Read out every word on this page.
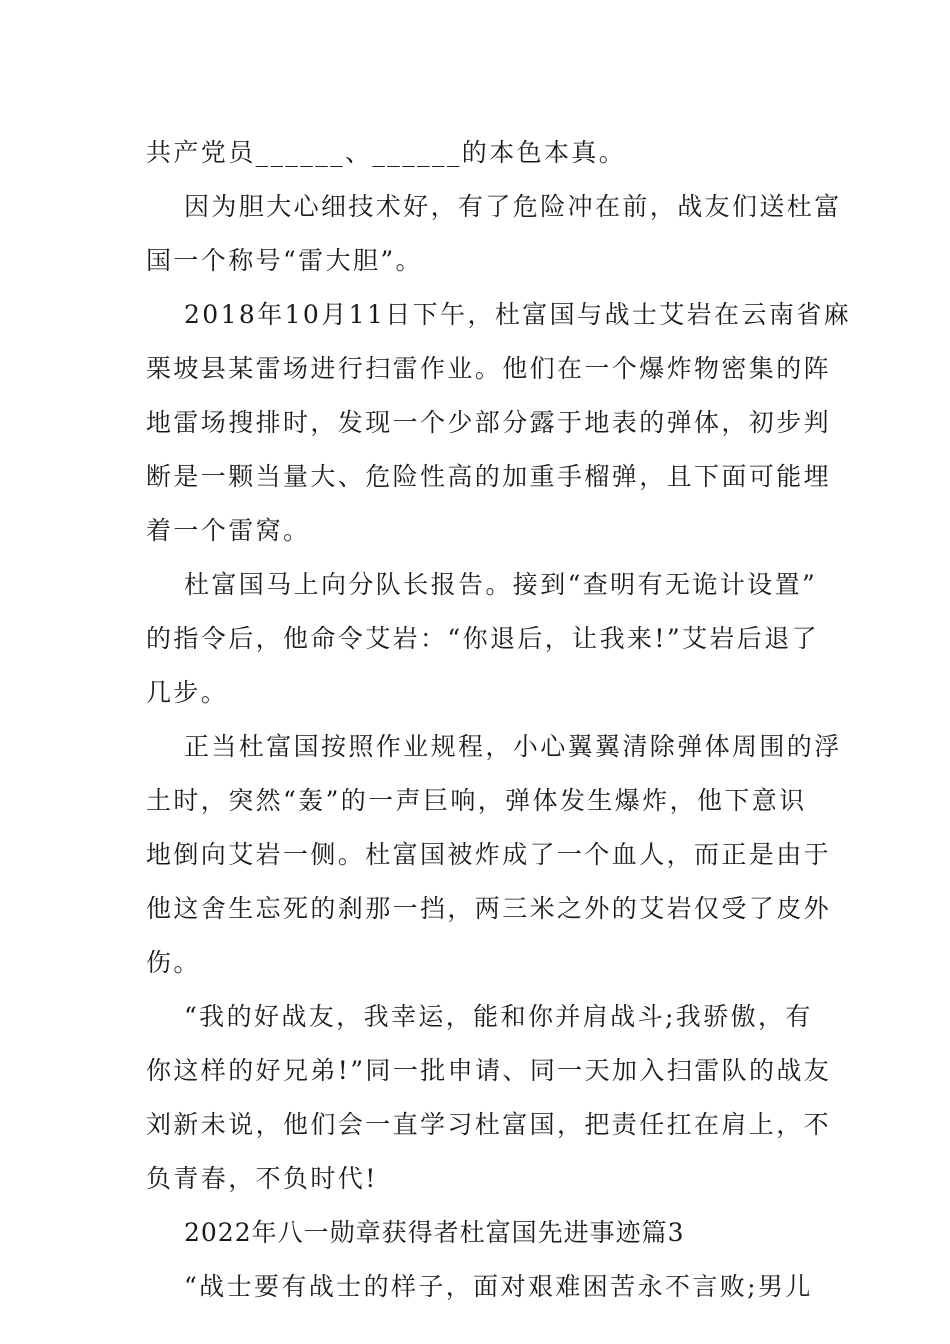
共产党员______、______的本色本真。
因为胆大心细技术好，有了危险冲在前，战友们送杜富
国一个称号“雷大胆”。
2018年10月11日下午，杜富国与战士艾岩在云南省麻
栗坡县某雷场进行扫雷作业。他们在一个爆炸物密集的阵
地雷场搜排时，发现一个少部分露于地表的弹体，初步判
断是一颗当量大、危险性高的加重手榴弹，且下面可能埋
着一个雷窝。
杜富国马上向分队长报告。接到“查明有无诡计设置”
的指令后，他命令艾岩：“你退后，让我来!”艾岩后退了
几步。
正当杜富国按照作业规程，小心翼翼清除弹体周围的浮
土时，突然“轰”的一声巨响，弹体发生爆炸，他下意识
地倒向艾岩一侧。杜富国被炸成了一个血人，而正是由于
他这舍生忘死的刹那一挡，两三米之外的艾岩仅受了皮外
伤。
“我的好战友，我幸运，能和你并肩战斗;我骄傲，有
你这样的好兄弟!”同一批申请、同一天加入扫雷队的战友
刘新未说，他们会一直学习杜富国，把责任扛在肩上，不
负青春，不负时代!
2022年八一勋章获得者杜富国先进事迹篇3
“战士要有战士的样子，面对艰难困苦永不言败;男儿
